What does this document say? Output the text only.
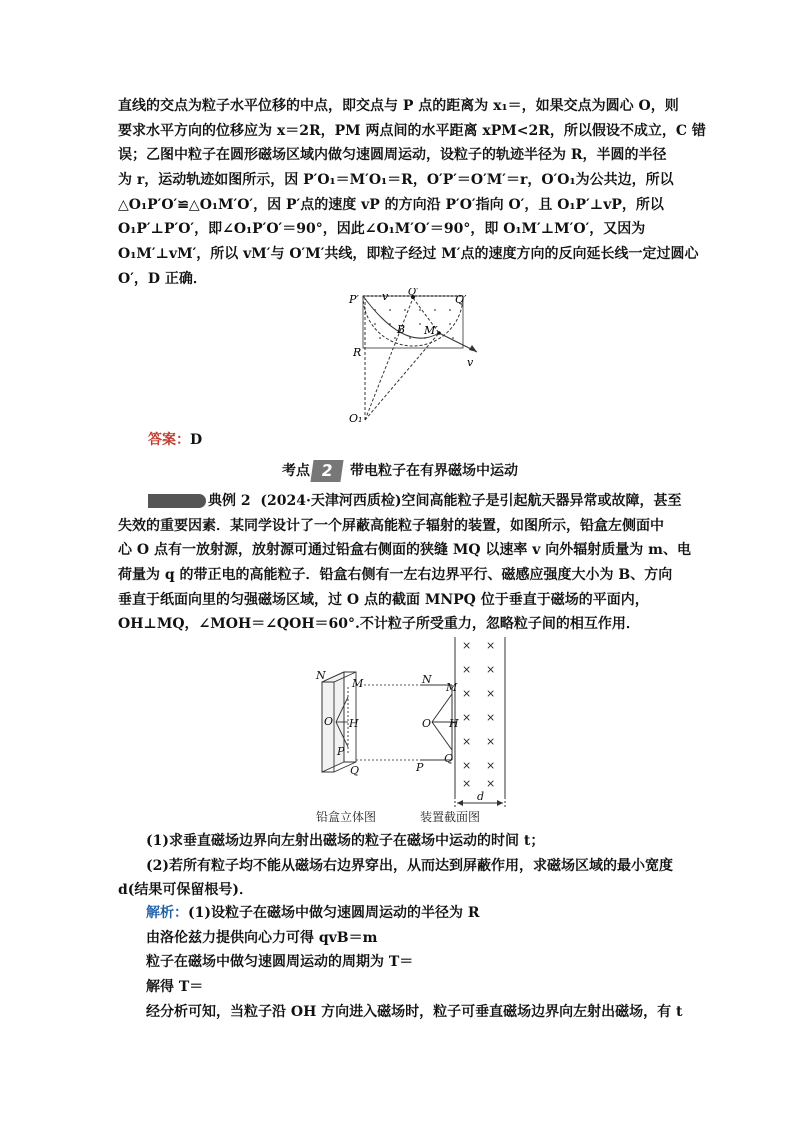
直线的交点为粒子水平位移的中点，即交点与 P 点的距离为 x₁＝，如果交点为圆心 O，则
要求水平方向的位移应为 x＝2R，PM 两点间的水平距离 xPM<2R，所以假设不成立，C 错
误；乙图中粒子在圆形磁场区域内做匀速圆周运动，设粒子的轨迹半径为 R，半圆的半径
为 r，运动轨迹如图所示，因 P′O₁＝M′O₁＝R，O′P′＝O′M′＝r，O′O₁为公共边，所以
△O₁P′O′≌△O₁M′O′，因 P′点的速度 vP 的方向沿 P′O′指向 O′，且 O₁P′⊥vP，所以
O₁P′⊥P′O′，即∠O₁P′O′＝90°，因此∠O₁M′O′＝90°，即 O₁M′⊥M′O′，又因为
O₁M′⊥vM′，所以 vM′与 O′M′共线，即粒子经过 M′点的速度方向的反向延长线一定过圆心
O′，D 正确．
P′ v O′
Q′
B M′
R
v
O₁
答案：D
考点 2 带电粒子在有界磁场中运动
典例 2 (2024·天津河西质检)空间高能粒子是引起航天器异常或故障，甚至
失效的重要因素．某同学设计了一个屏蔽高能粒子辐射的装置，如图所示，铅盒左侧面中
心 O 点有一放射源，放射源可通过铅盒右侧面的狭缝 MQ 以速率 v 向外辐射质量为 m、电
荷量为 q 的带正电的高能粒子．铅盒右侧有一左右边界平行、磁感应强度大小为 B、方向
垂直于纸面向里的匀强磁场区域，过 O 点的截面 MNPQ 位于垂直于磁场的平面内，
OH⊥MQ，∠MOH＝∠QOH＝60°.不计粒子所受重力，忽略粒子间的相互作用．
× ×
× ×
× ×
× ×
× ×
× ×
× ×
N
M
O H
P
Q
N
M
O H
P
Q
d
铅盒立体图	装置截面图
(1)求垂直磁场边界向左射出磁场的粒子在磁场中运动的时间 t；
(2)若所有粒子均不能从磁场右边界穿出，从而达到屏蔽作用，求磁场区域的最小宽度
d(结果可保留根号)．
解析：(1)设粒子在磁场中做匀速圆周运动的半径为 R
由洛伦兹力提供向心力可得 qvB＝m
粒子在磁场中做匀速圆周运动的周期为 T＝
解得 T＝
经分析可知，当粒子沿 OH 方向进入磁场时，粒子可垂直磁场边界向左射出磁场，有 t
